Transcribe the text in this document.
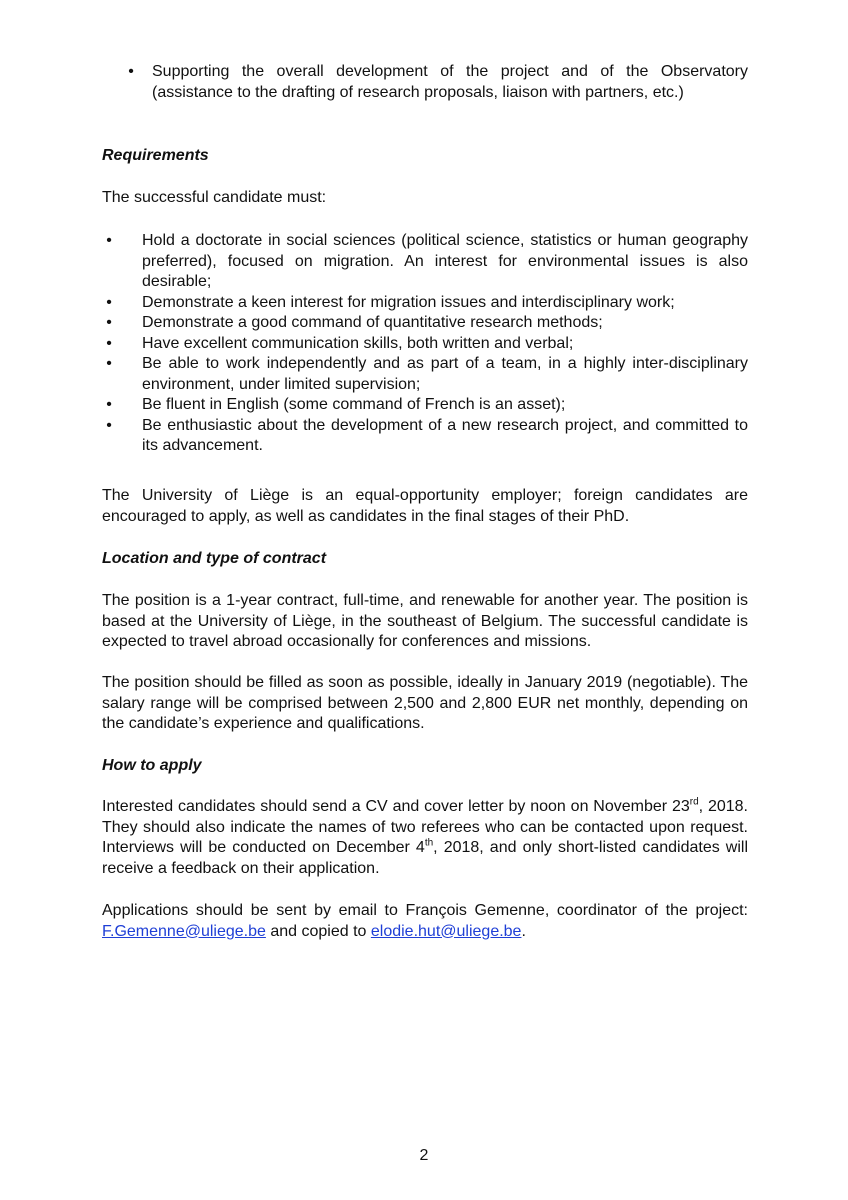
•	Supporting the overall development of the project and of the Observatory (assistance to the drafting of research proposals, liaison with partners, etc.)

Requirements

The successful candidate must:

•	Hold a doctorate in social sciences (political science, statistics or human geography preferred), focused on migration. An interest for environmental issues is also desirable;
•	Demonstrate a keen interest for migration issues and interdisciplinary work;
•	Demonstrate a good command of quantitative research methods;
•	Have excellent communication skills, both written and verbal;
•	Be able to work independently and as part of a team, in a highly inter-disciplinary environment, under limited supervision;
•	Be fluent in English (some command of French is an asset);
•	Be enthusiastic about the development of a new research project, and committed to its advancement.

The University of Liège is an equal-opportunity employer; foreign candidates are encouraged to apply, as well as candidates in the final stages of their PhD.

Location and type of contract

The position is a 1-year contract, full-time, and renewable for another year. The position is based at the University of Liège, in the southeast of Belgium. The successful candidate is expected to travel abroad occasionally for conferences and missions.

The position should be filled as soon as possible, ideally in January 2019 (negotiable). The salary range will be comprised between 2,500 and 2,800 EUR net monthly, depending on the candidate’s experience and qualifications.

How to apply

Interested candidates should send a CV and cover letter by noon on November 23rd, 2018. They should also indicate the names of two referees who can be contacted upon request. Interviews will be conducted on December 4th, 2018, and only short-listed candidates will receive a feedback on their application.

Applications should be sent by email to François Gemenne, coordinator of the project: F.Gemenne@uliege.be and copied to elodie.hut@uliege.be.

2
